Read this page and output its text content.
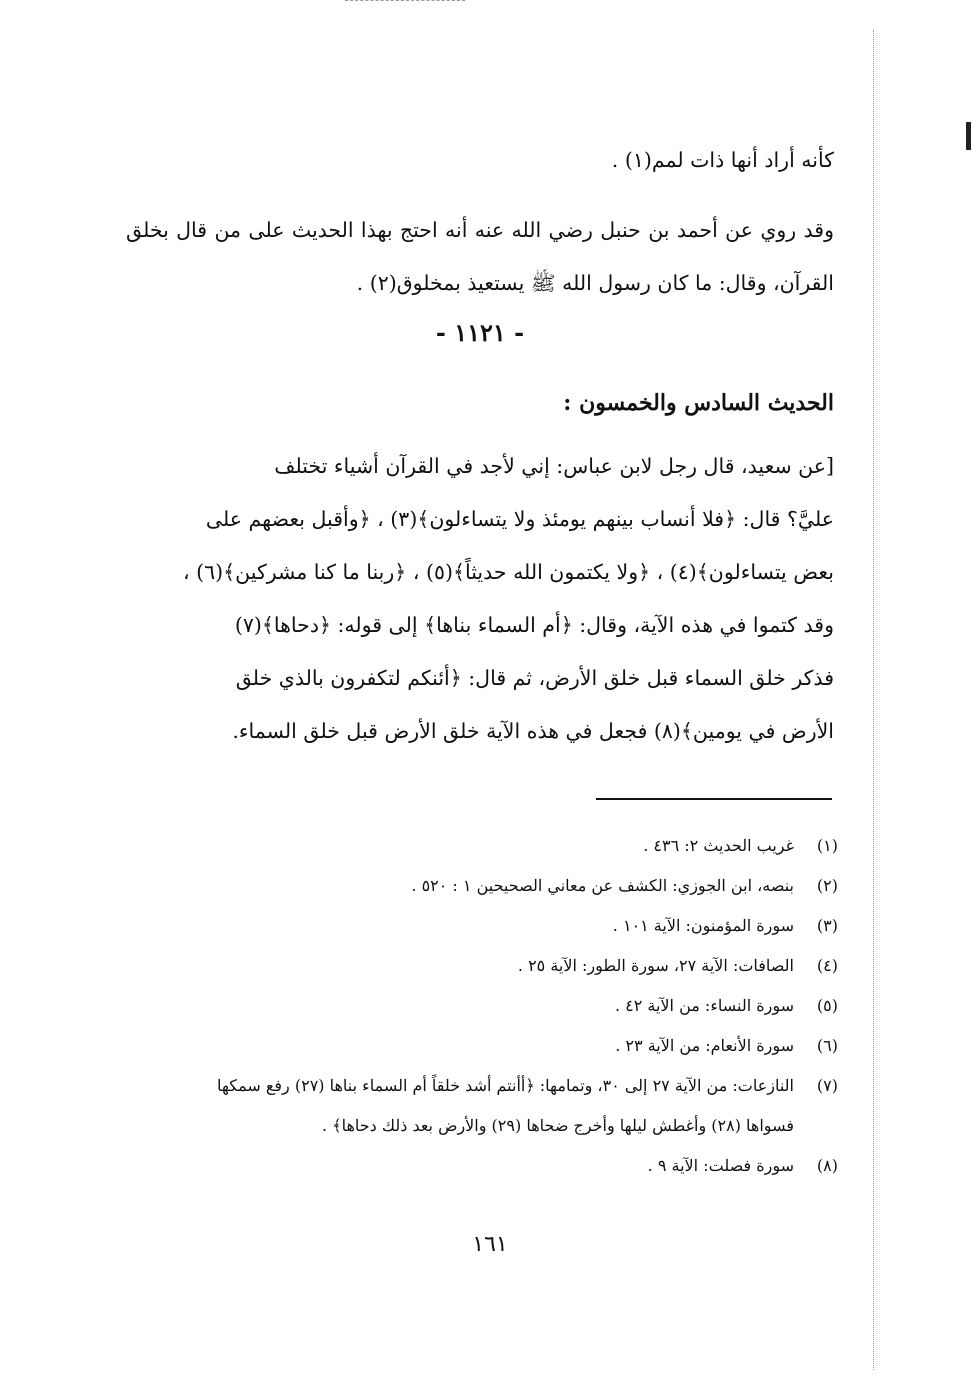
كأنه أراد أنها ذات لمم(١) .
وقد روي عن أحمد بن حنبل رضي الله عنه أنه احتج بهذا الحديث على من قال بخلق القرآن، وقال: ما كان رسول الله ﷺ يستعيذ بمخلوق(٢) .
- ١١٢١ -
الحديث السادس والخمسون :
[عن سعيد، قال رجل لابن عباس: إني لأجد في القرآن أشياء تختلف
عليَّ؟ قال: ﴿فلا أنساب بينهم يومئذ ولا يتساءلون﴾(٣) ، ﴿وأقبل بعضهم على
بعض يتساءلون﴾(٤) ، ﴿ولا يكتمون الله حديثاً﴾(٥) ، ﴿ربنا ما كنا مشركين﴾(٦) ،
وقد كتموا في هذه الآية، وقال: ﴿أم السماء بناها﴾ إلى قوله: ﴿دحاها﴾(٧)
فذكر خلق السماء قبل خلق الأرض، ثم قال: ﴿أئنكم لتكفرون بالذي خلق
الأرض في يومين﴾(٨) فجعل في هذه الآية خلق الأرض قبل خلق السماء.
(١)غريب الحديث ٢: ٤٣٦ .
(٢)بنصه، ابن الجوزي: الكشف عن معاني الصحيحين ١ : ٥٢٠ .
(٣)سورة المؤمنون: الآية ١٠١ .
(٤)الصافات: الآية ٢٧، سورة الطور: الآية ٢٥ .
(٥)سورة النساء: من الآية ٤٢ .
(٦)سورة الأنعام: من الآية ٢٣ .
(٧)النازعات: من الآية ٢٧ إلى ٣٠، وتمامها: ﴿أأنتم أشد خلقاً أم السماء بناها (٢٧) رفع سمكها
فسواها (٢٨) وأغطش ليلها وأخرج ضحاها (٢٩) والأرض بعد ذلك دحاها﴾ .
(٨)سورة فصلت: الآية ٩ .
١٦١
